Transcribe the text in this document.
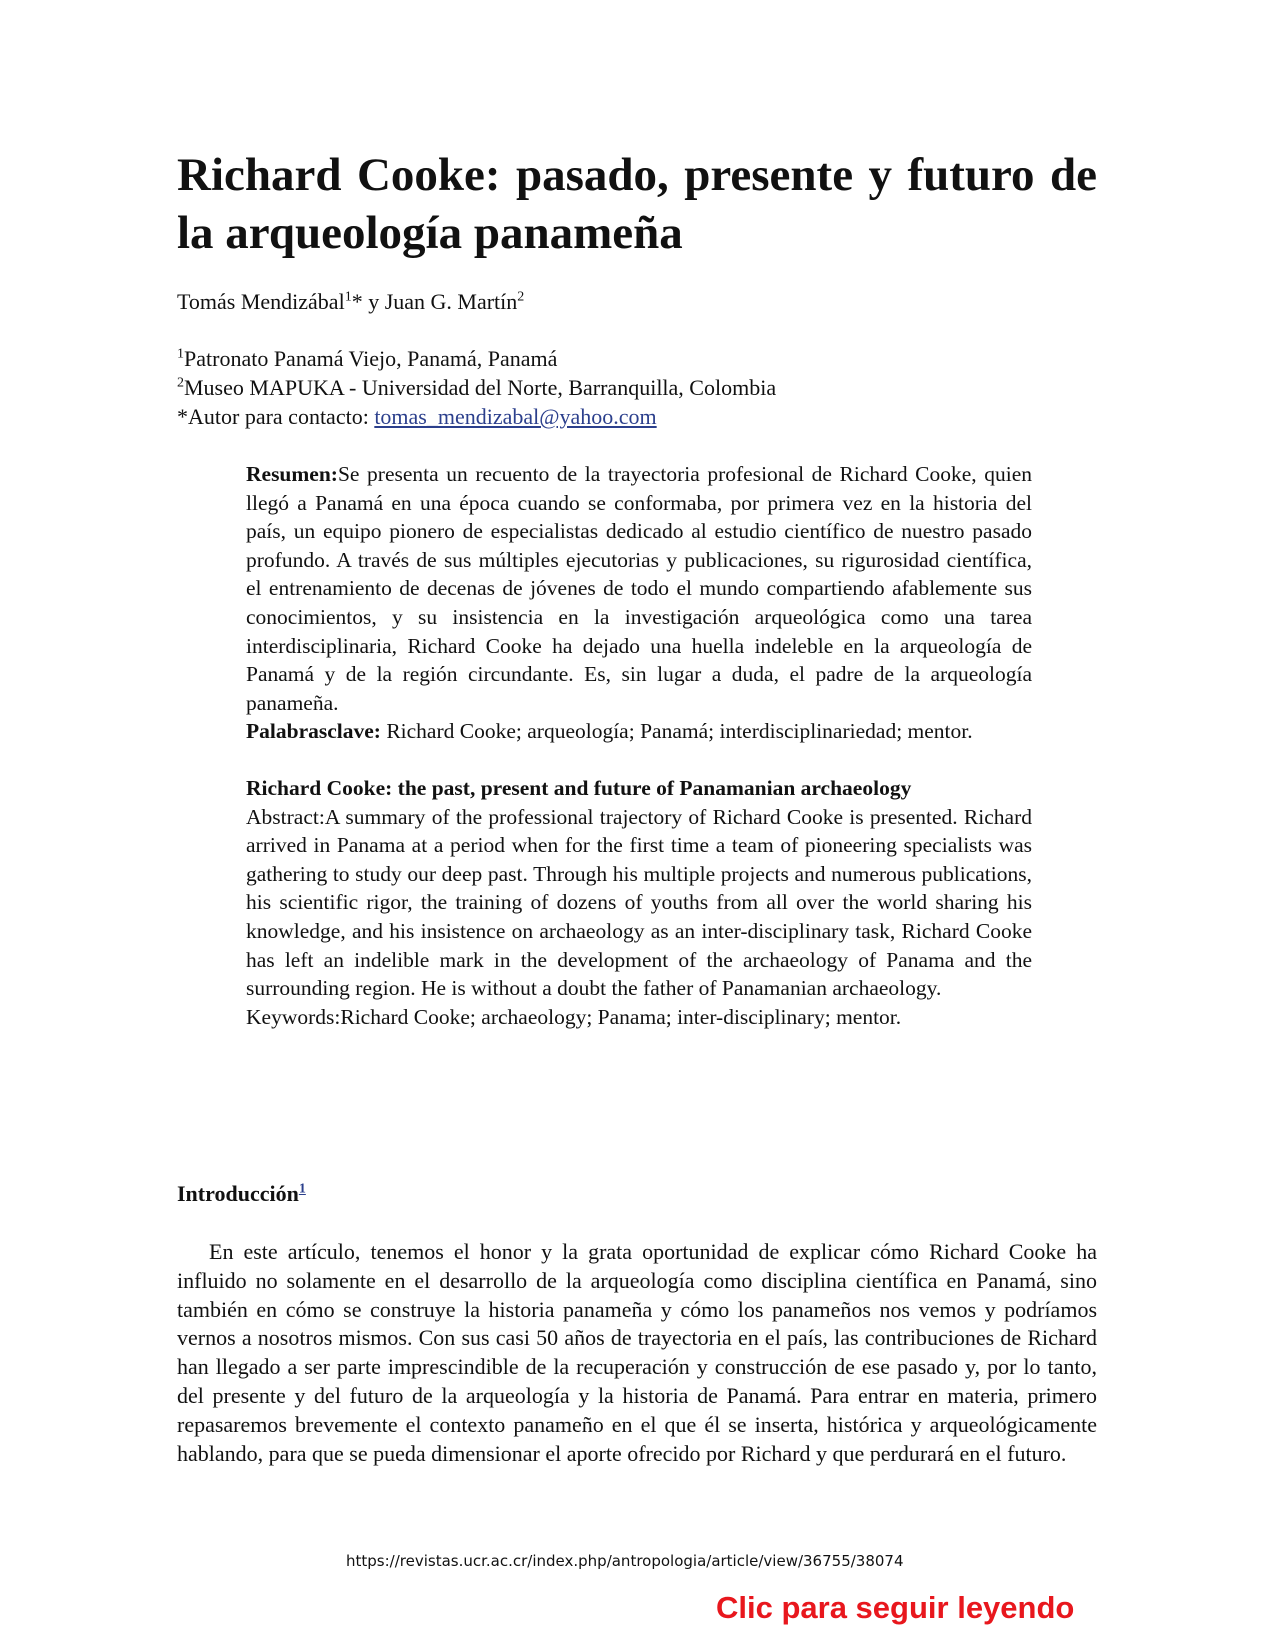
Richard Cooke: pasado, presente y futuro de la arqueología panameña
Tomás Mendizábal$^1$* y Juan G. Martín$^2$
$^1$Patronato Panamá Viejo, Panamá, Panamá
$^2$Museo MAPUKA - Universidad del Norte, Barranquilla, Colombia
*Autor para contacto: tomas_mendizabal@yahoo.com

Resumen:Se presenta un recuento de la trayectoria profesional de Richard Cooke, quien llegó a Panamá en una época cuando se conformaba, por primera vez en la historia del país, un equipo pionero de especialistas dedicado al estudio científico de nuestro pasado profundo. A través de sus múltiples ejecutorias y publicaciones, su rigurosidad científica, el entrenamiento de decenas de jóvenes de todo el mundo compartiendo afablemente sus conocimientos, y su insistencia en la investigación arqueológica como una tarea interdisciplinaria, Richard Cooke ha dejado una huella indeleble en la arqueología de Panamá y de la región circundante. Es, sin lugar a duda, el padre de la arqueología panameña.

Palabrasclave: Richard Cooke; arqueología; Panamá; interdisciplinariedad; mentor.

Richard Cooke: the past, present and future of Panamanian archaeology

Abstract:A summary of the professional trajectory of Richard Cooke is presented. Richard arrived in Panama at a period when for the first time a team of pioneering specialists was gathering to study our deep past. Through his multiple projects and numerous publications, his scientific rigor, the training of dozens of youths from all over the world sharing his knowledge, and his insistence on archaeology as an inter-disciplinary task, Richard Cooke has left an indelible mark in the development of the archaeology of Panama and the surrounding region. He is without a doubt the father of Panamanian archaeology.

Keywords:Richard Cooke; archaeology; Panama; inter-disciplinary; mentor.

Introducción$^1$

En este artículo, tenemos el honor y la grata oportunidad de explicar cómo Richard Cooke ha influido no solamente en el desarrollo de la arqueología como disciplina científica en Panamá, sino también en cómo se construye la historia panameña y cómo los panameños nos vemos y podríamos vernos a nosotros mismos. Con sus casi 50 años de trayectoria en el país, las contribuciones de Richard han llegado a ser parte imprescindible de la recuperación y construcción de ese pasado y, por lo tanto, del presente y del futuro de la arqueología y la historia de Panamá. Para entrar en materia, primero repasaremos brevemente el contexto panameño en el que él se inserta, histórica y arqueológicamente hablando, para que se pueda dimensionar el aporte ofrecido por Richard y que perdurará en el futuro.

https://revistas.ucr.ac.cr/index.php/antropologia/article/view/36755/38074
Clic para seguir leyendo
